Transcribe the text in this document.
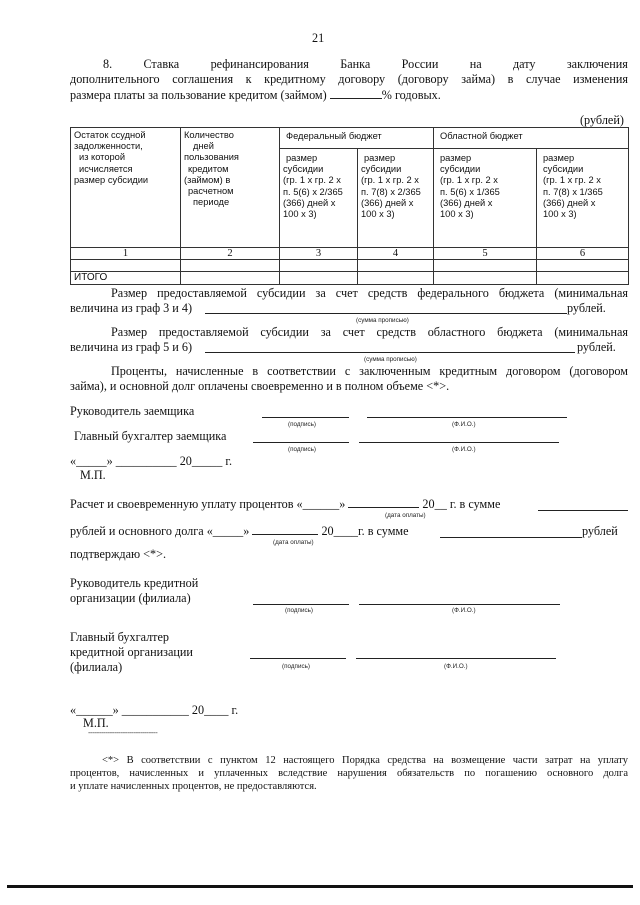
21
8.	Ставка	рефинансирования	Банка	России	на	дату	заключения
дополнительного соглашения к кредитному договору (договору займа) в случае изменения
размера платы за пользование кредитом (займом)	% годовых.
(рублей)
Остаток ссудной
задолженности,
из которой
исчисляется
размер субсидии

Количество
дней
пользования
кредитом
(займом) в
расчетном
периоде
	Федеральный бюджет	Областной бюджет

размер
субсидии
(гр. 1 х гр. 2 х
п. 5(6) х 2/365
(366) дней х
100 х 3)

размер
субсидии
(гр. 1 х гр. 2 х
п. 7(8) х 2/365
(366) дней х
100 х 3)

размер
субсидии
(гр. 1 х гр. 2 х
п. 5(6) х 1/365
(366) дней х
100 х 3)

размер
субсидии
(гр. 1 х гр. 2 х
п. 7(8) х 1/365
(366) дней х
100 х 3)

1	2	3	4	5	6

ИТОГО					
Размер предоставляемой субсидии за счет средств федерального бюджета (минимальная
величина из граф 3 и 4)	рублей.
(сумма прописью)
Размер предоставляемой субсидии за счет средств областного бюджета (минимальная
величина из граф 5 и 6)	рублей.
(сумма прописью)
Проценты, начисленные в соответствии с заключенным кредитным договором (договором
займа), и основной долг оплачены своевременно и в полном объеме <*>.
Руководитель заемщика
(подпись)	(Ф.И.О.)
Главный бухгалтер заемщика
(подпись)	(Ф.И.О.)
«_____» __________ 20_____ г.
М.П.
Расчет и своевременную уплату процентов «______»	20__ г. в сумме
(дата оплаты)
рублей и основного долга «_____»	20____г. в сумме	рублей
(дата оплаты)
подтверждаю <*>.
Руководитель кредитной
организации (филиала)
(подпись)	(Ф.И.О.)
Главный бухгалтер
кредитной организации
(филиала)	(подпись)	(Ф.И.О.)
«______» ___________ 20____ г.
М.П.
--------------------------------
<*> В соответствии с пунктом 12 настоящего Порядка средства на возмещение части затрат на уплату
процентов, начисленных и уплаченных вследствие нарушения обязательств по погашению основного долга
и уплате начисленных процентов, не предоставляются.
